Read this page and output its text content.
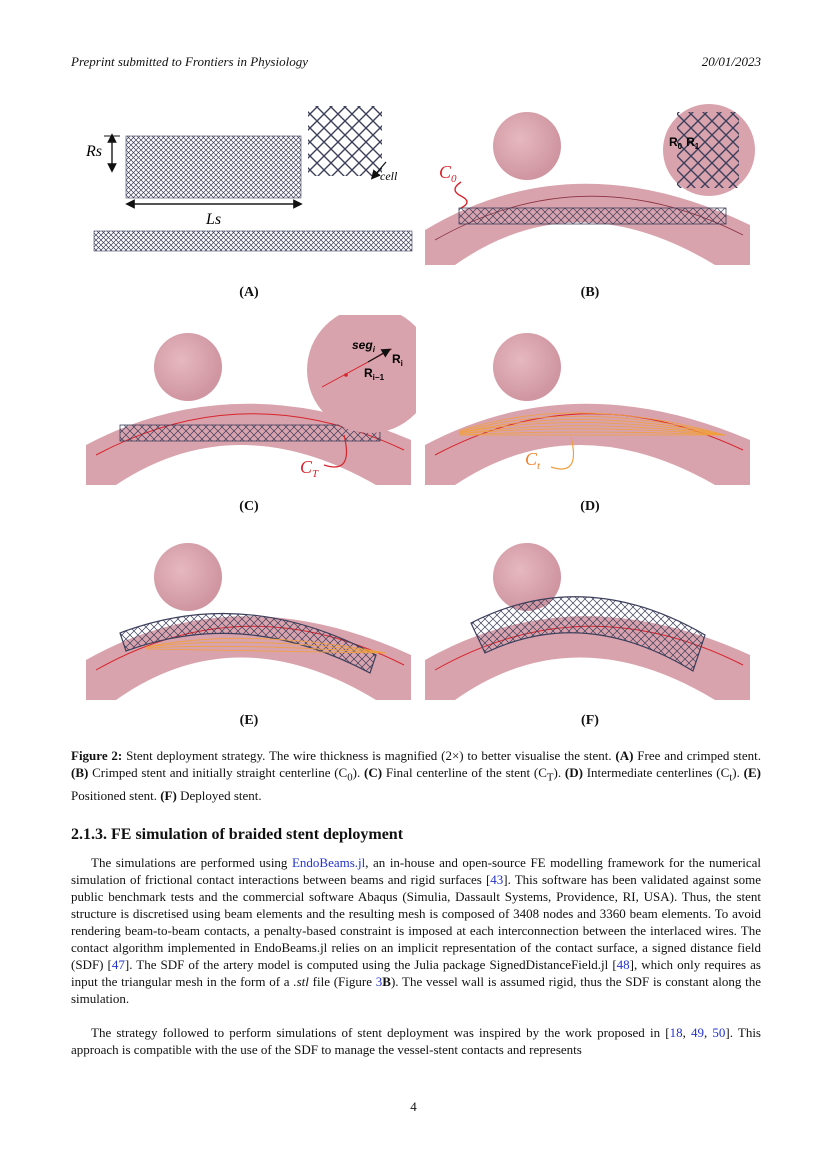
Preprint submitted to Frontiers in Physiology	20/01/2023
Rs
Ls
cell
(A)
$C_0$
$R_0$ $R_1$
(B)
seg$_i$
$R_i$
$R_{i-1}$
$C_T$
(C)
$C_t$
(D)
(E)	(F)
Figure 2: Stent deployment strategy. The wire thickness is magnified (2×) to better visualise the stent. (A) Free and crimped stent. (B) Crimped stent and initially straight centerline $(C_0)$. (C) Final centerline of the stent $(C_T)$. (D) Intermediate centerlines $(C_t)$. (E) Positioned stent. (F) Deployed stent.
2.1.3. FE simulation of braided stent deployment
The simulations are performed using EndoBeams.jl, an in-house and open-source FE modelling framework for the numerical simulation of frictional contact interactions between beams and rigid surfaces [43]. This software has been validated against some public benchmark tests and the commercial software Abaqus (Simulia, Dassault Systems, Providence, RI, USA). Thus, the stent structure is discretised using beam elements and the resulting mesh is composed of 3408 nodes and 3360 beam elements. To avoid rendering beam-to-beam contacts, a penalty-based constraint is imposed at each interconnection between the interlaced wires. The contact algorithm implemented in EndoBeams.jl relies on an implicit representation of the contact surface, a signed distance field (SDF) [47]. The SDF of the artery model is computed using the Julia package SignedDistanceField.jl [48], which only requires as input the triangular mesh in the form of a .stl file (Figure 3B). The vessel wall is assumed rigid, thus the SDF is constant along the simulation.
The strategy followed to perform simulations of stent deployment was inspired by the work proposed in [18, 49, 50]. This approach is compatible with the use of the SDF to manage the vessel-stent contacts and represents
4
